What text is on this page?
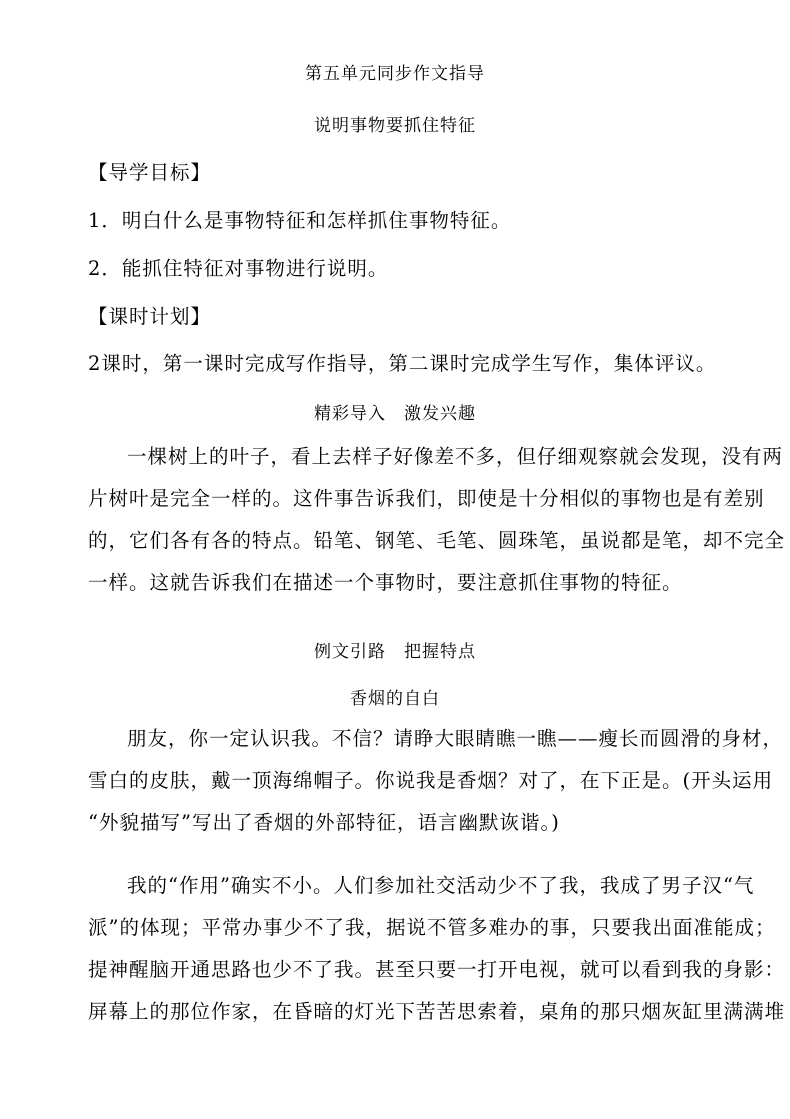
第五单元同步作文指导
说明事物要抓住特征
【导学目标】
1．明白什么是事物特征和怎样抓住事物特征。
2．能抓住特征对事物进行说明。
【课时计划】
2课时，第一课时完成写作指导，第二课时完成学生写作，集体评议。
精彩导入　激发兴趣
一棵树上的叶子，看上去样子好像差不多，但仔细观察就会发现，没有两
片树叶是完全一样的。这件事告诉我们，即使是十分相似的事物也是有差别
的，它们各有各的特点。铅笔、钢笔、毛笔、圆珠笔，虽说都是笔，却不完全
一样。这就告诉我们在描述一个事物时，要注意抓住事物的特征。
例文引路　把握特点
香烟的自白
朋友，你一定认识我。不信？请睁大眼睛瞧一瞧——瘦长而圆滑的身材，
雪白的皮肤，戴一顶海绵帽子。你说我是香烟？对了，在下正是。(开头运用
“外貌描写”写出了香烟的外部特征，语言幽默诙谐。)
我的“作用”确实不小。人们参加社交活动少不了我，我成了男子汉“气
派”的体现；平常办事少不了我，据说不管多难办的事，只要我出面准能成；
提神醒脑开通思路也少不了我。甚至只要一打开电视，就可以看到我的身影：
屏幕上的那位作家，在昏暗的灯光下苦苦思索着，桌角的那只烟灰缸里满满堆
